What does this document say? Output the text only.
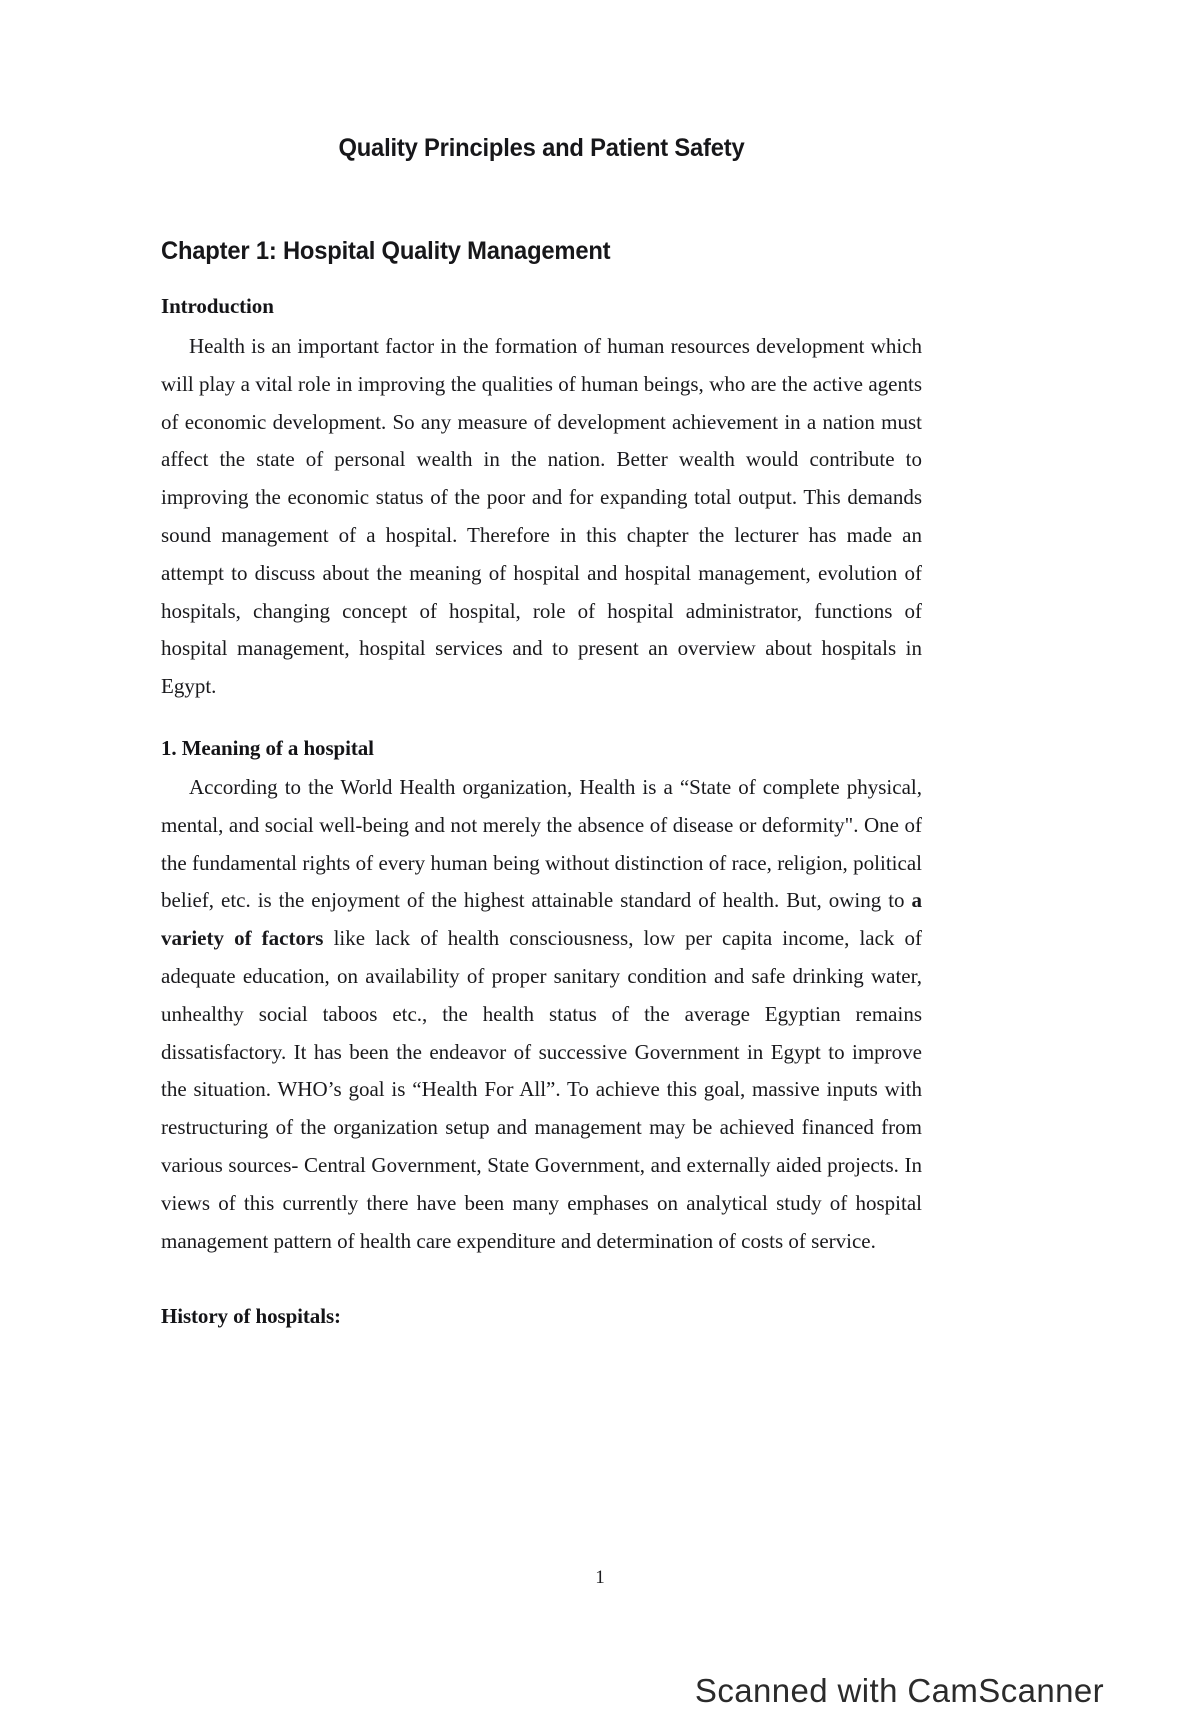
Quality Principles and Patient Safety
Chapter 1: Hospital Quality Management
Introduction

Health is an important factor in the formation of human resources development which will play a vital role in improving the qualities of human beings, who are the active agents of economic development. So any measure of development achievement in a nation must affect the state of personal wealth in the nation. Better wealth would contribute to improving the economic status of the poor and for expanding total output. This demands sound management of a hospital. Therefore in this chapter the lecturer has made an attempt to discuss about the meaning of hospital and hospital management, evolution of hospitals, changing concept of hospital, role of hospital administrator, functions of hospital management, hospital services and to present an overview about hospitals in Egypt.

1. Meaning of a hospital

According to the World Health organization, Health is a “State of complete physical, mental, and social well-being and not merely the absence of disease or deformity". One of the fundamental rights of every human being without distinction of race, religion, political belief, etc. is the enjoyment of the highest attainable standard of health. But, owing to a variety of factors like lack of health consciousness, low per capita income, lack of adequate education, on availability of proper sanitary condition and safe drinking water, unhealthy social taboos etc., the health status of the average Egyptian remains dissatisfactory. It has been the endeavor of successive Government in Egypt to improve the situation. WHO’s goal is “Health For All”. To achieve this goal, massive inputs with restructuring of the organization setup and management may be achieved financed from various sources- Central Government, State Government, and externally aided projects. In views of this currently there have been many emphases on analytical study of hospital management pattern of health care expenditure and determination of costs of service.

History of hospitals:
1
Scanned with CamScanner
